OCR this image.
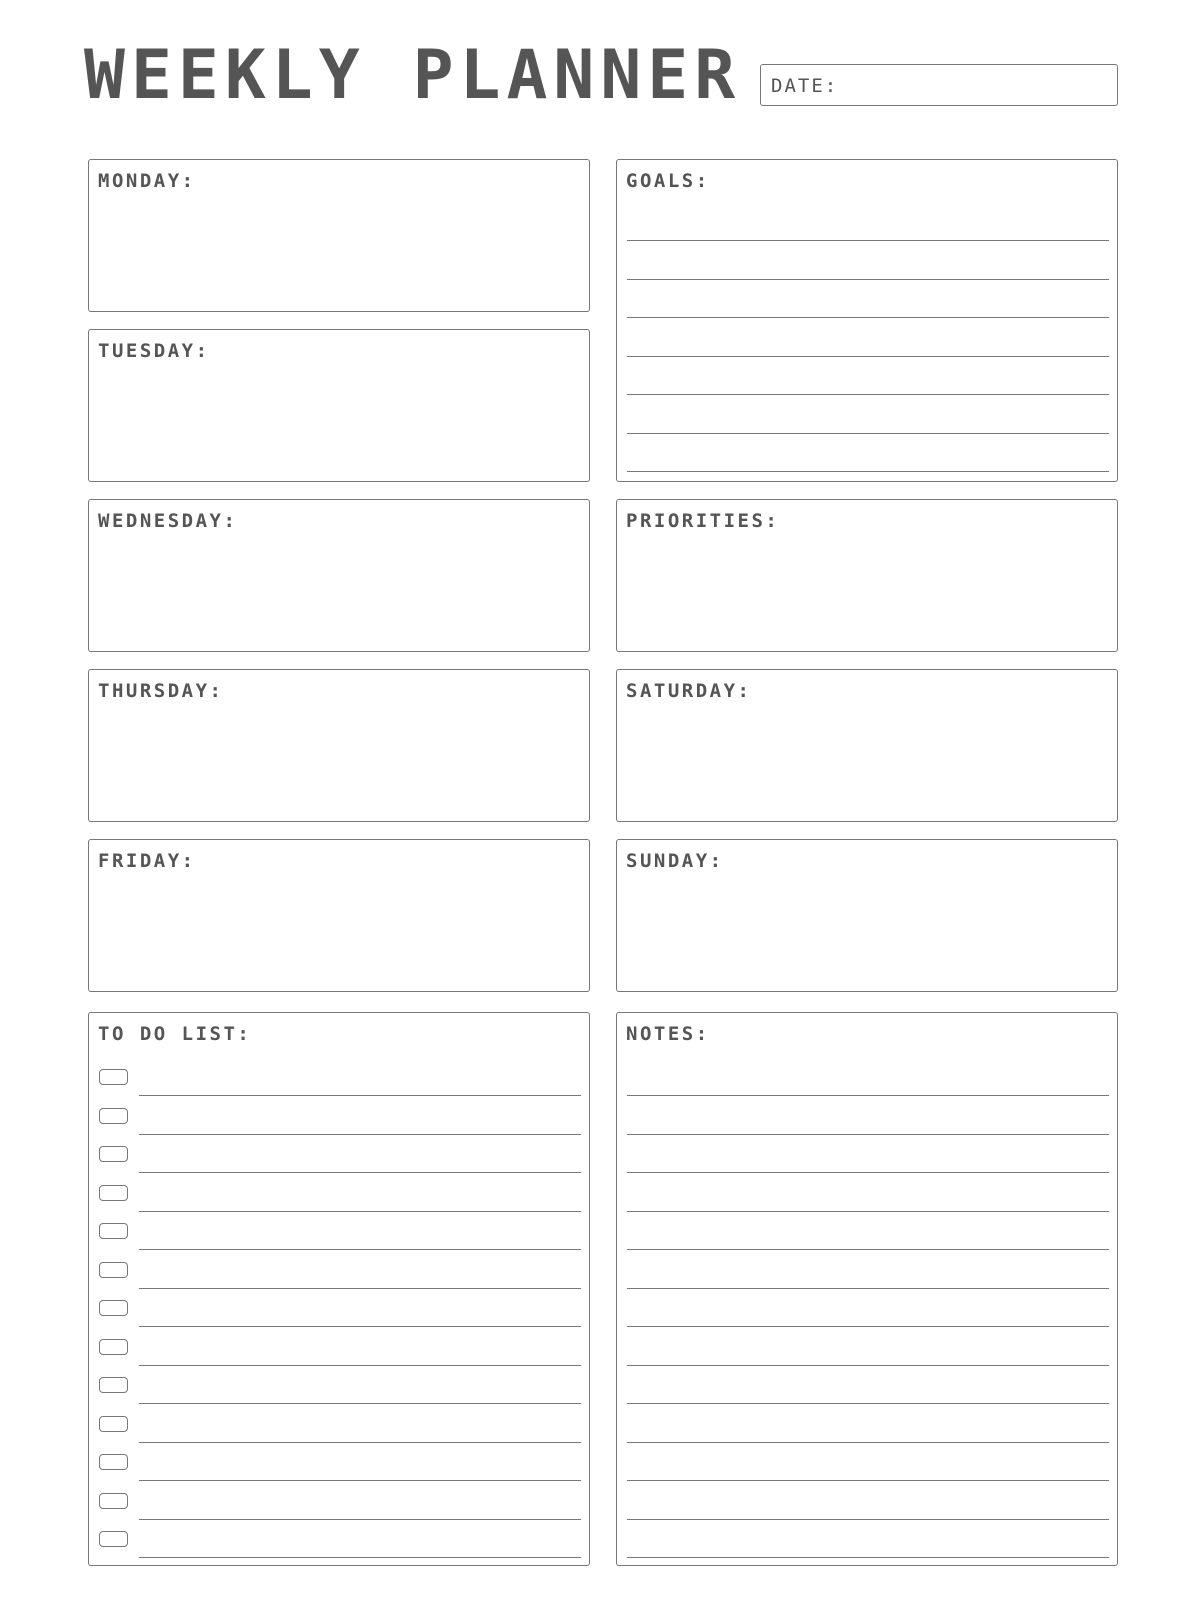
WEEKLY PLANNER DATE:
MONDAY:
TUESDAY:
WEDNESDAY:
THURSDAY:
FRIDAY:
GOALS:
PRIORITIES:
SATURDAY:
SUNDAY:
TO DO LIST:	NOTES:
